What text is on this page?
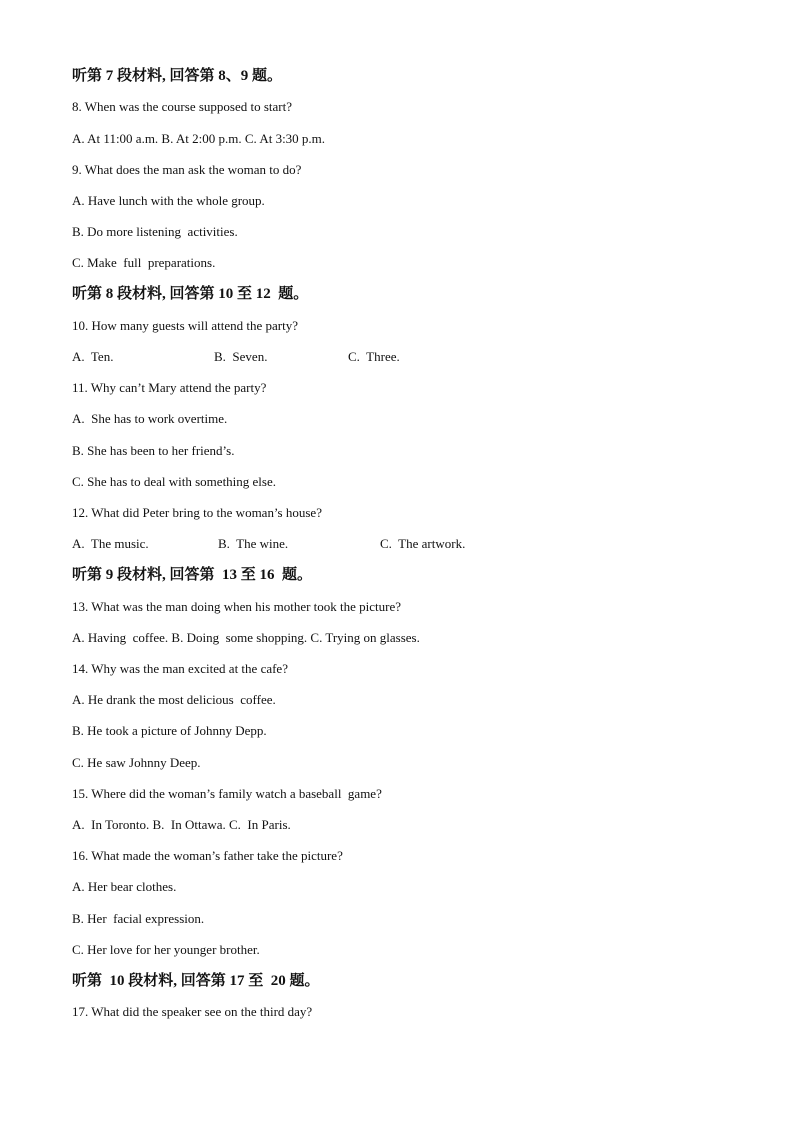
听第 7 段材料, 回答第 8、9 题。
8. When was the course supposed to start?
A. At 11:00 a.m. B. At 2:00 p.m. C. At 3:30 p.m.
9. What does the man ask the woman to do?
A. Have lunch with the whole group.
B. Do more listening  activities.
C. Make  full  preparations.
听第 8 段材料, 回答第 10 至 12  题。
10. How many guests will attend the party?
A.  Ten.	B.  Seven.	C.  Three.
11. Why can’t Mary attend the party?
A.  She has to work overtime.
B. She has been to her friend’s.
C. She has to deal with something else.
12. What did Peter bring to the woman’s house?
A.  The music.	B.  The wine.	C.  The artwork.
听第 9 段材料, 回答第  13 至 16  题。
13. What was the man doing when his mother took the picture?
A. Having  coffee. B. Doing  some shopping. C. Trying on glasses.
14. Why was the man excited at the cafe?
A. He drank the most delicious  coffee.
B. He took a picture of Johnny Depp.
C. He saw Johnny Deep.
15. Where did the woman’s family watch a baseball  game?
A.  In Toronto. B.  In Ottawa. C.  In Paris.
16. What made the woman’s father take the picture?
A. Her bear clothes.
B. Her  facial expression.
C. Her love for her younger brother.
听第  10 段材料, 回答第 17 至  20 题。
17. What did the speaker see on the third day?
